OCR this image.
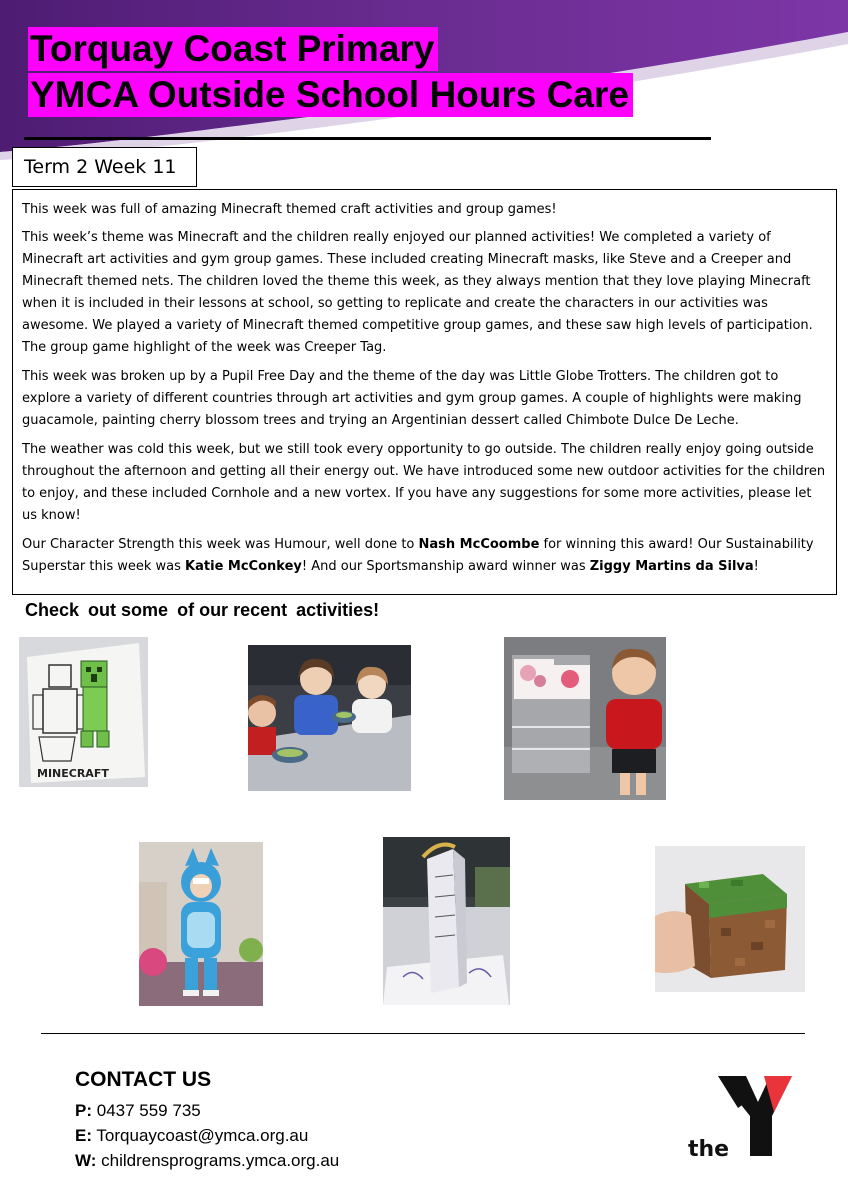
Torquay Coast Primary
YMCA Outside School Hours Care
Term 2 Week 11

This week was full of amazing Minecraft themed craft activities and group games!

This week’s theme was Minecraft and the children really enjoyed our planned activities! We completed a variety of Minecraft art activities and gym group games. These included creating Minecraft masks, like Steve and a Creeper and Minecraft themed nets. The children loved the theme this week, as they always mention that they love playing Minecraft when it is included in their lessons at school, so getting to replicate and create the characters in our activities was awesome. We played a variety of Minecraft themed competitive group games, and these saw high levels of participation. The group game highlight of the week was Creeper Tag.

This week was broken up by a Pupil Free Day and the theme of the day was Little Globe Trotters. The children got to explore a variety of different countries through art activities and gym group games. A couple of highlights were making guacamole, painting cherry blossom trees and trying an Argentinian dessert called Chimbote Dulce De Leche.

The weather was cold this week, but we still took every opportunity to go outside. The children really enjoy going outside throughout the afternoon and getting all their energy out. We have introduced some new outdoor activities for the children to enjoy, and these included Cornhole and a new vortex. If you have any suggestions for some more activities, please let us know!

Our Character Strength this week was Humour, well done to Nash McCoombe for winning this award! Our Sustainability Superstar this week was Katie McConkey! And our Sportsmanship award winner was Ziggy Martins da Silva!

Check out some of our recent activities!
MINECRAFT
CONTACT US
P: 0437 559 735
E: Torquaycoast@ymca.org.au
W: childrensprograms.ymca.org.au	the
